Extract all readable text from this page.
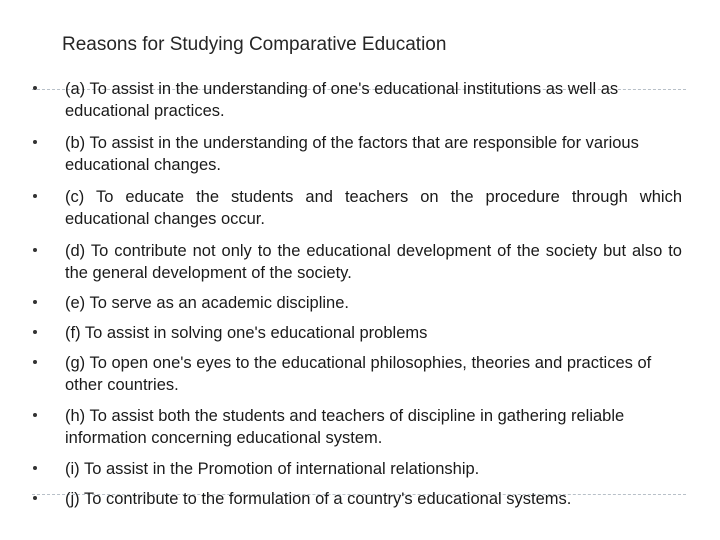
Reasons for Studying Comparative Education
(a) To assist in the understanding of one's educational institutions as well as educational practices.
(b) To assist in the understanding of the factors that are responsible for various educational changes.
(c) To educate the students and teachers on the procedure through which educational changes occur.
(d) To contribute not only to the educational development of the society but also to the general development of the society.
(e) To serve as an academic discipline.
(f) To assist in solving one's educational problems
(g) To open one's eyes to the educational philosophies, theories and practices of other countries.
(h) To assist both the students and teachers of discipline in gathering reliable information concerning educational system.
(i) To assist in the Promotion of international relationship.
(j) To contribute to the formulation of a country's educational systems.
